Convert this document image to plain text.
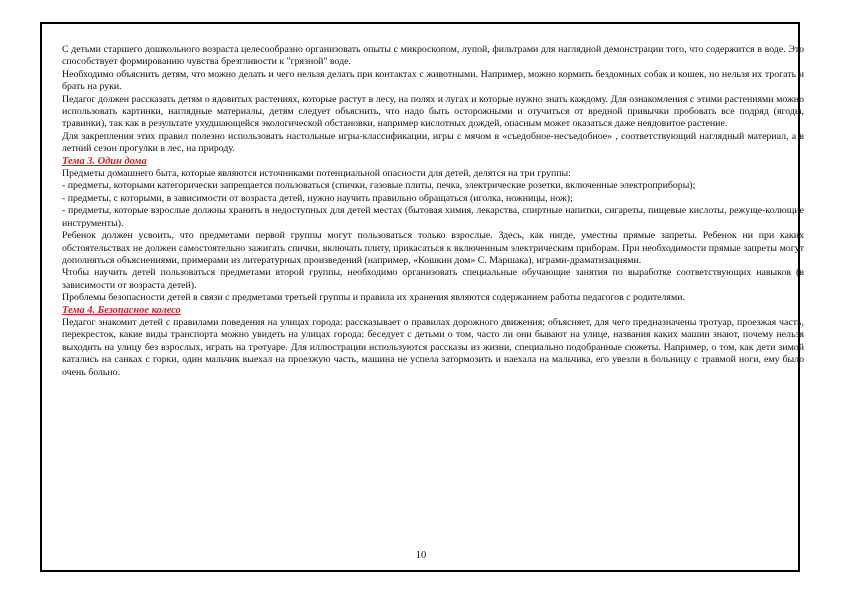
С детьми старшего дошкольного возраста целесообразно организовать опыты с микроскопом, лупой, фильтрами для наглядной демонстрации того, что содержится в воде. Это способствует формированию чувства брезгливости к "грязной" воде.

Необходимо объяснить детям, что можно делать и чего нельзя делать при контактах с животными. Например, можно кормить бездомных собак и кошек, но нельзя их трогать и брать на руки.

Педагог должен рассказать детям о ядовитых растениях, которые растут в лесу, на полях и лугах и которые нужно знать каждому. Для ознакомления с этими растениями можно использовать картинки, наглядные материалы, детям следует объяснить, что надо быть осторожными и отучиться от вредной привычки пробовать все подряд (ягоды, травинки), так как в результате ухудшающейся экологической обстановки, например кислотных дождей, опасным может оказаться даже неядовитое растение.

Для закрепления этих правил полезно использовать настольные игры-классификации, игры с мячом в «съедобное-несъедобное» , соответствующий наглядный материал, а в летний сезон прогулки в лес, на природу.

Тема 3. Один дома

Предметы домашнего быта, которые являются источниками потенциальной опасности для детей, делятся на три группы:

- предметы, которыми категорически запрещается пользоваться (спички, газовые плиты, печка, электрические розетки, включенные электроприборы);

- предметы, с которыми, в зависимости от возраста детей, нужно научить правильно обращаться (иголка, ножницы, нож);

- предметы, которые взрослые должны хранить в недоступных для детей местах (бытовая химия, лекарства, спиртные напитки, сигареты, пищевые кислоты, режуще-колющие инструменты).

Ребенок должен усвоить, что предметами первой группы могут пользоваться только взрослые. Здесь, как нигде, уместны прямые запреты. Ребенок ни при каких обстоятельствах не должен самостоятельно зажигать спички, включать плиту, прикасаться к включенным электрическим приборам. При необходимости прямые запреты могут дополняться объяснениями, примерами из литературных произведений (например, «Кошкин дом» С. Маршака), играми-драматизациями.

Чтобы научить детей пользоваться предметами второй группы, необходимо организовать специальные обучающие занятия по выработке соответствующих навыков (в зависимости от возраста детей).

Проблемы безопасности детей в связи с предметами третьей группы и правила их хранения являются содержанием работы педагогов с родителями.

Тема 4. Безопасное колесо

Педагог знакомит детей с правилами поведения на улицах города: рассказывает о правилах дорожного движения; объясняет, для чего предназначены тротуар, проезжая часть, перекресток, какие виды транспорта можно увидеть на улицах города: беседует с детьми о том, часто ли они бывают на улице, названия каких машин знают, почему нельзя выходить на улицу без взрослых, играть на тротуаре. Для иллюстрации используются рассказы из жизни, специально подобранные сюжеты. Например, о том, как дети зимой катались на санках с горки, один мальчик выехал на проезжую часть, машина не успела затормозить и наехала на мальчика, его увезли в больницу с травмой ноги, ему было очень больно.

10
